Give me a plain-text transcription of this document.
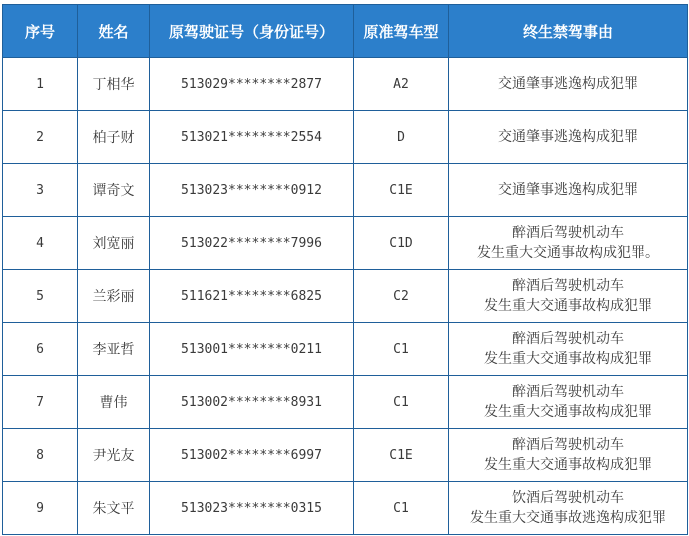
序号	姓名	原驾驶证号（身份证号）	原准驾车型	终生禁驾事由
1	丁相华	513029********2877	A2	交通肇事逃逸构成犯罪

2	柏子财	513021********2554	D	交通肇事逃逸构成犯罪

3	谭奇文	513023********0912	C1E	交通肇事逃逸构成犯罪

4	刘宽丽	513022********7996	C1D	醉酒后驾驶机动车
发生重大交通事故构成犯罪。

5	兰彩丽	511621********6825	C2	醉酒后驾驶机动车
发生重大交通事故构成犯罪

6	李亚哲	513001********0211	C1	醉酒后驾驶机动车
发生重大交通事故构成犯罪

7	曹伟	513002********8931	C1	醉酒后驾驶机动车
发生重大交通事故构成犯罪

8	尹光友	513002********6997	C1E	醉酒后驾驶机动车
发生重大交通事故构成犯罪

9	朱文平	513023********0315	C1	饮酒后驾驶机动车
发生重大交通事故逃逸构成犯罪
